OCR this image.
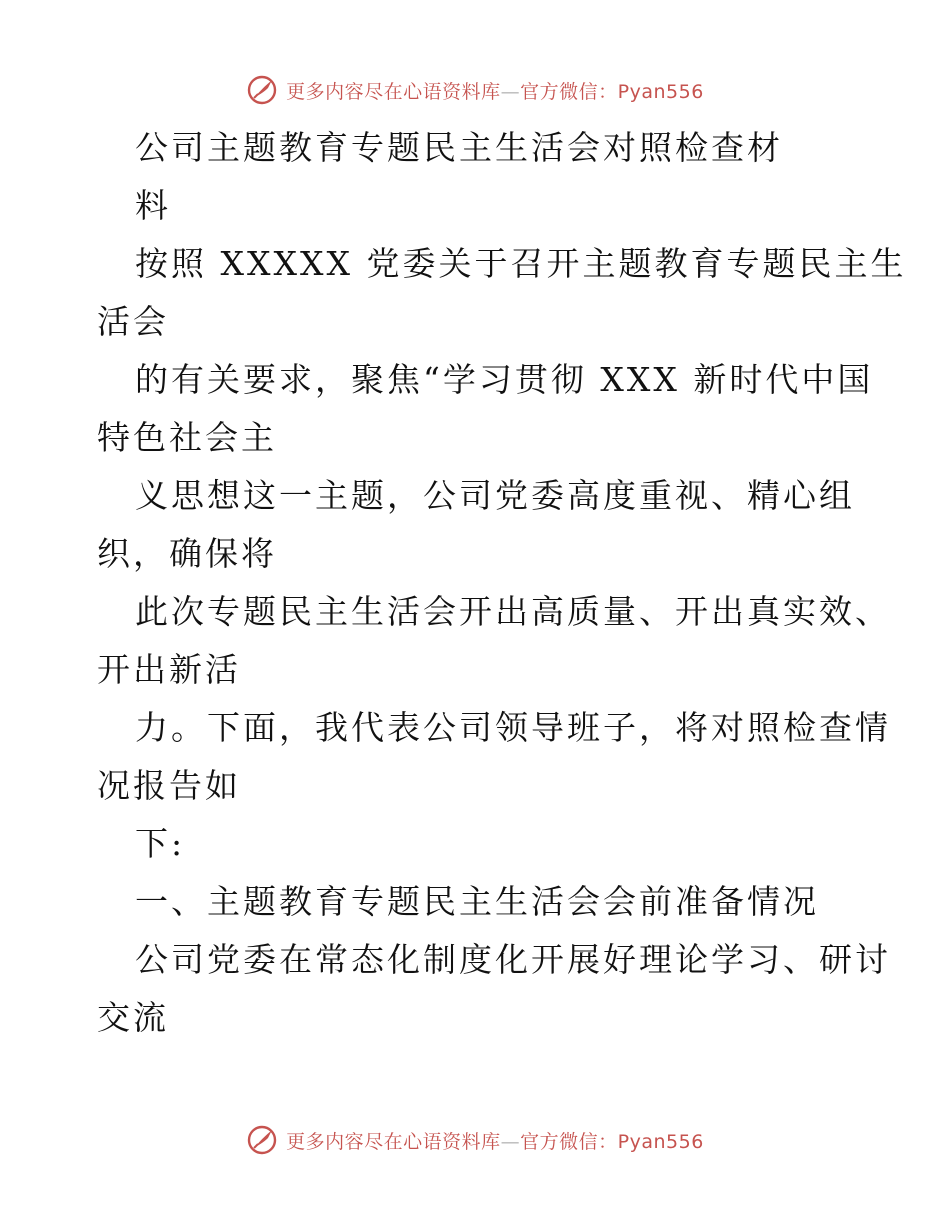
更多内容尽在心语资料库—官方微信：Pyan556
公司主题教育专题民主生活会对照检查材
料
按照 XXXXX 党委关于召开主题教育专题民主生
活会
的有关要求，聚焦“学习贯彻 XXX 新时代中国
特色社会主
义思想这一主题，公司党委高度重视、精心组
织，确保将
此次专题民主生活会开出高质量、开出真实效、
开出新活
力。下面，我代表公司领导班子，将对照检查情
况报告如
下:
一、主题教育专题民主生活会会前准备情况
公司党委在常态化制度化开展好理论学习、研讨
交流
更多内容尽在心语资料库—官方微信：Pyan556
